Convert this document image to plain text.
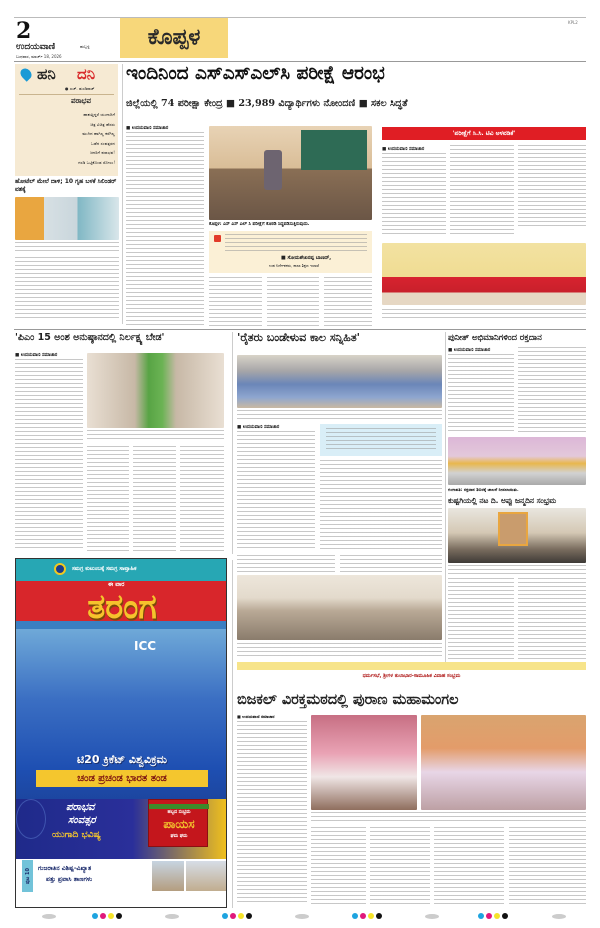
2
ಉದಯವಾಣಿ	ಹುಬ್ಬಳ್ಳಿ
ಬುಧವಾರ, ಮಾರ್ಚ್ 18, 2026
ಕೊಪ್ಪಳ
KPL2
ಹನಿ ದನಿ
● ಎಚ್. ಡುಂಡಿರಾಜ್
ಪರಾಭವ
ಹಾಕುತ್ತಿದ್ದರೆ ಯುಗಾದಿಗೆ
ಚಿತ್ರ ವಿಚಿತ್ರ ಹೆಸರು
ಮುಗಿದ ಹಾಗಿಲ್ಲ ಕರೆಗಿಲ್ಲ
ಒಡೆದ ಸಂವತ್ಸರದ
ಜನರಿಗೆ ಪರಾಭವ!
ಗರಡಿ ಒಟ್ಟಿಕೊಂಡ ಸೋಲು!
ಹೋಟೆಲ್ ಮೇಲೆ ದಾಳಿ; 10 ಗೃಹ ಬಳಕೆ ಸಿಲಿಂಡರ್ ವಶಕ್ಕೆ
ಇಂದಿನಿಂದ ಎಸ್‌ಎಸ್‌ಎಲ್‌ಸಿ ಪರೀಕ್ಷೆ ಆರಂಭ
ಜಿಲ್ಲೆಯಲ್ಲಿ 74 ಪರೀಕ್ಷಾ ಕೇಂದ್ರ ■ 23,989 ವಿದ್ಯಾರ್ಥಿಗಳು ನೋಂದಣಿ ■ ಸಕಲ ಸಿದ್ಧತೆ
■ ಉದಯವಾಣಿ ಸಮಾಚಾರ
ಕೊಪ್ಪಳ: ಎಸ್ ಎಸ್ ಎಲ್ ಸಿ ಪರೀಕ್ಷೆಗೆ ಕೊಠಡಿ ಸಿದ್ಧಪಡಿಸುತ್ತಿರುವುದು.
■ ಸೋಮಶೇಖರಪ್ಪ ಬಾಣದ್,
ಉಪ ನಿರ್ದೇಶಕರು, ಶಾಲಾ ಶಿಕ್ಷಣ ಇಲಾಖೆ
'ಪರೀಕ್ಷೆಗೆ ಸಿ.ಸಿ. ಟಿವಿ ಅಳವಡಿಕೆ'
■ ಉದಯವಾಣಿ ಸಮಾಚಾರ
'ಪಿಎಂ 15 ಅಂಶ ಅನುಷ್ಠಾನದಲ್ಲಿ ನಿರ್ಲಕ್ಷ್ಯ ಬೇಡ'
■ ಉದಯವಾಣಿ ಸಮಾಚಾರ
'ರೈತರು ಬಂಡೇಳುವ ಕಾಲ ಸನ್ನಿಹಿತ'
■ ಉದಯವಾಣಿ ಸಮಾಚಾರ
ಪುನೀತ್ ಅಭಿಮಾನಿಗಳಿಂದ ರಕ್ತದಾನ
■ ಉದಯವಾಣಿ ಸಮಾಚಾರ
ಗಂಗಾವತಿ: ರಕ್ತದಾನ ಶಿಬಿರಕ್ಕೆ ಚಾಲನೆ ನೀಡಲಾಯಿತು.
ಕುಷ್ಟಗಿಯಲ್ಲಿ ನಟ ದಿ. ಅಪ್ಪು ಜನ್ಮದಿನ ಸಂಭ್ರಮ
ಸಮಗ್ರ ಕುಟುಂಬಕ್ಕೆ ಸಮಗ್ರ ಸಾಪ್ತಾಹಿಕ
ಈ ವಾರ
ತರಂಗ
ICC
ಟಿ20 ಕ್ರಿಕೆಟ್ ವಿಶ್ವವಿಕ್ರಮ
ಚಂಡ ಪ್ರಚಂಡ ಭಾರತ ತಂಡ
ಪರಾಭವ
ಸಂವತ್ಸರ
ಯುಗಾದಿ ಭವಿಷ್ಯ
ಹಬ್ಬದ ಸಂಭ್ರಮ
ಪಾಯಸ
ಘಮ ಘಮ
ಪುಟ 10 ಗುಜರಾತಿನ ವಿಶಿಷ್ಟ-ವಿಖ್ಯಾತ
ಪತ್ತು ಪ್ರವಾಸಿ ತಾಣಗಳು
ಧರ್ಮಸಭೆ, ಶ್ರೀಗಳ ತುಲಾಭಾರ-ಸಾಮೂಹಿಕ ವಿವಾಹ ಸಂಭ್ರಮ
ಬಿಜಕಲ್ ವಿರಕ್ತಮಠದಲ್ಲಿ ಪುರಾಣ ಮಹಾಮಂಗಲ
■ ಉದಯವಾಣಿ ಸಮಾಚಾರ
